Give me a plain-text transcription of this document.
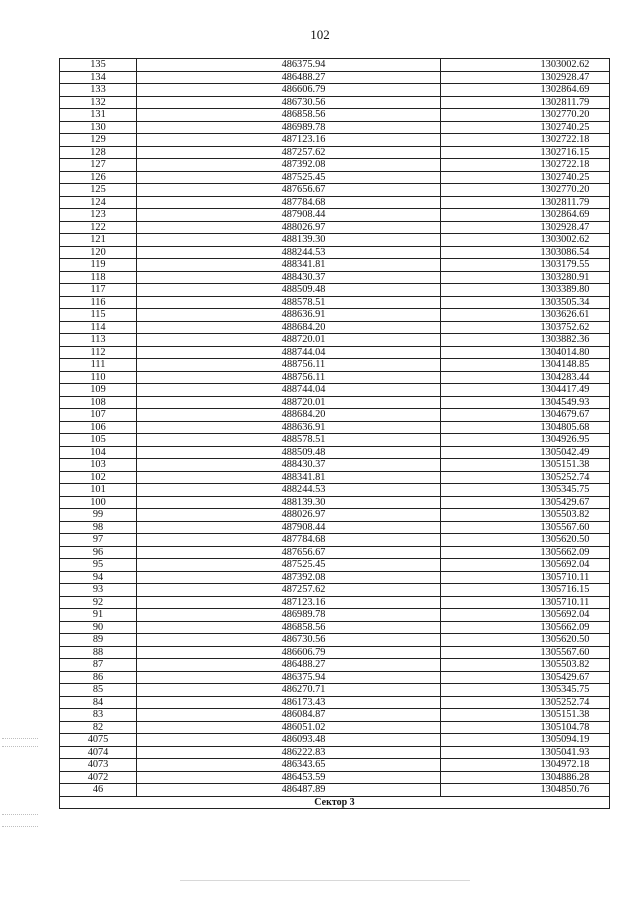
102
135	486375.94	1303002.62
134	486488.27	1302928.47
133	486606.79	1302864.69
132	486730.56	1302811.79
131	486858.56	1302770.20
130	486989.78	1302740.25
129	487123.16	1302722.18
128	487257.62	1302716.15
127	487392.08	1302722.18
126	487525.45	1302740.25
125	487656.67	1302770.20
124	487784.68	1302811.79
123	487908.44	1302864.69
122	488026.97	1302928.47
121	488139.30	1303002.62
120	488244.53	1303086.54
119	488341.81	1303179.55
118	488430.37	1303280.91
117	488509.48	1303389.80
116	488578.51	1303505.34
115	488636.91	1303626.61
114	488684.20	1303752.62
113	488720.01	1303882.36
112	488744.04	1304014.80
111	488756.11	1304148.85
110	488756.11	1304283.44
109	488744.04	1304417.49
108	488720.01	1304549.93
107	488684.20	1304679.67
106	488636.91	1304805.68
105	488578.51	1304926.95
104	488509.48	1305042.49
103	488430.37	1305151.38
102	488341.81	1305252.74
101	488244.53	1305345.75
100	488139.30	1305429.67
99	488026.97	1305503.82
98	487908.44	1305567.60
97	487784.68	1305620.50
96	487656.67	1305662.09
95	487525.45	1305692.04
94	487392.08	1305710.11
93	487257.62	1305716.15
92	487123.16	1305710.11
91	486989.78	1305692.04
90	486858.56	1305662.09
89	486730.56	1305620.50
88	486606.79	1305567.60
87	486488.27	1305503.82
86	486375.94	1305429.67
85	486270.71	1305345.75
84	486173.43	1305252.74
83	486084.87	1305151.38
82	486051.02	1305104.78
4075	486093.48	1305094.19
4074	486222.83	1305041.93
4073	486343.65	1304972.18
4072	486453.59	1304886.28
46	486487.89	1304850.76
Сектор 3		
